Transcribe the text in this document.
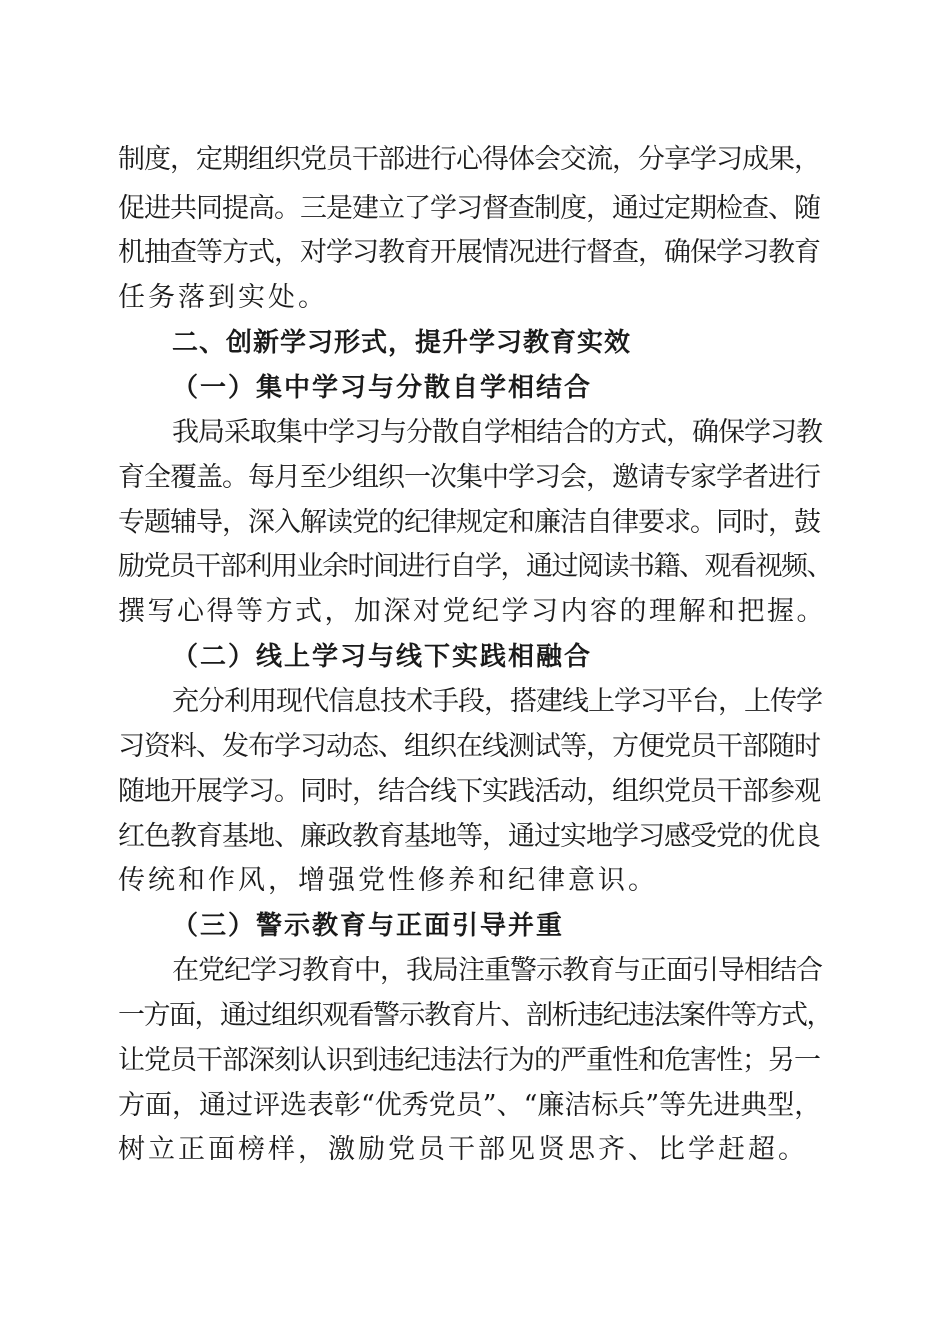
制度，定期组织党员干部进行心得体会交流，分享学习成果，
促进共同提高。三是建立了学习督查制度，通过定期检查、随
机抽查等方式，对学习教育开展情况进行督查，确保学习教育
任务落到实处。
二、创新学习形式，提升学习教育实效
（一）集中学习与分散自学相结合
我局采取集中学习与分散自学相结合的方式，确保学习教
育全覆盖。每月至少组织一次集中学习会，邀请专家学者进行
专题辅导，深入解读党的纪律规定和廉洁自律要求。同时，鼓
励党员干部利用业余时间进行自学，通过阅读书籍、观看视频、
撰写心得等方式，加深对党纪学习内容的理解和把握。
（二）线上学习与线下实践相融合
充分利用现代信息技术手段，搭建线上学习平台，上传学
习资料、发布学习动态、组织在线测试等，方便党员干部随时
随地开展学习。同时，结合线下实践活动，组织党员干部参观
红色教育基地、廉政教育基地等，通过实地学习感受党的优良
传统和作风，增强党性修养和纪律意识。
（三）警示教育与正面引导并重
在党纪学习教育中，我局注重警示教育与正面引导相结合
一方面，通过组织观看警示教育片、剖析违纪违法案件等方式，
让党员干部深刻认识到违纪违法行为的严重性和危害性；另一
方面，通过评选表彰“优秀党员”、“廉洁标兵”等先进典型，
树立正面榜样，激励党员干部见贤思齐、比学赶超。
